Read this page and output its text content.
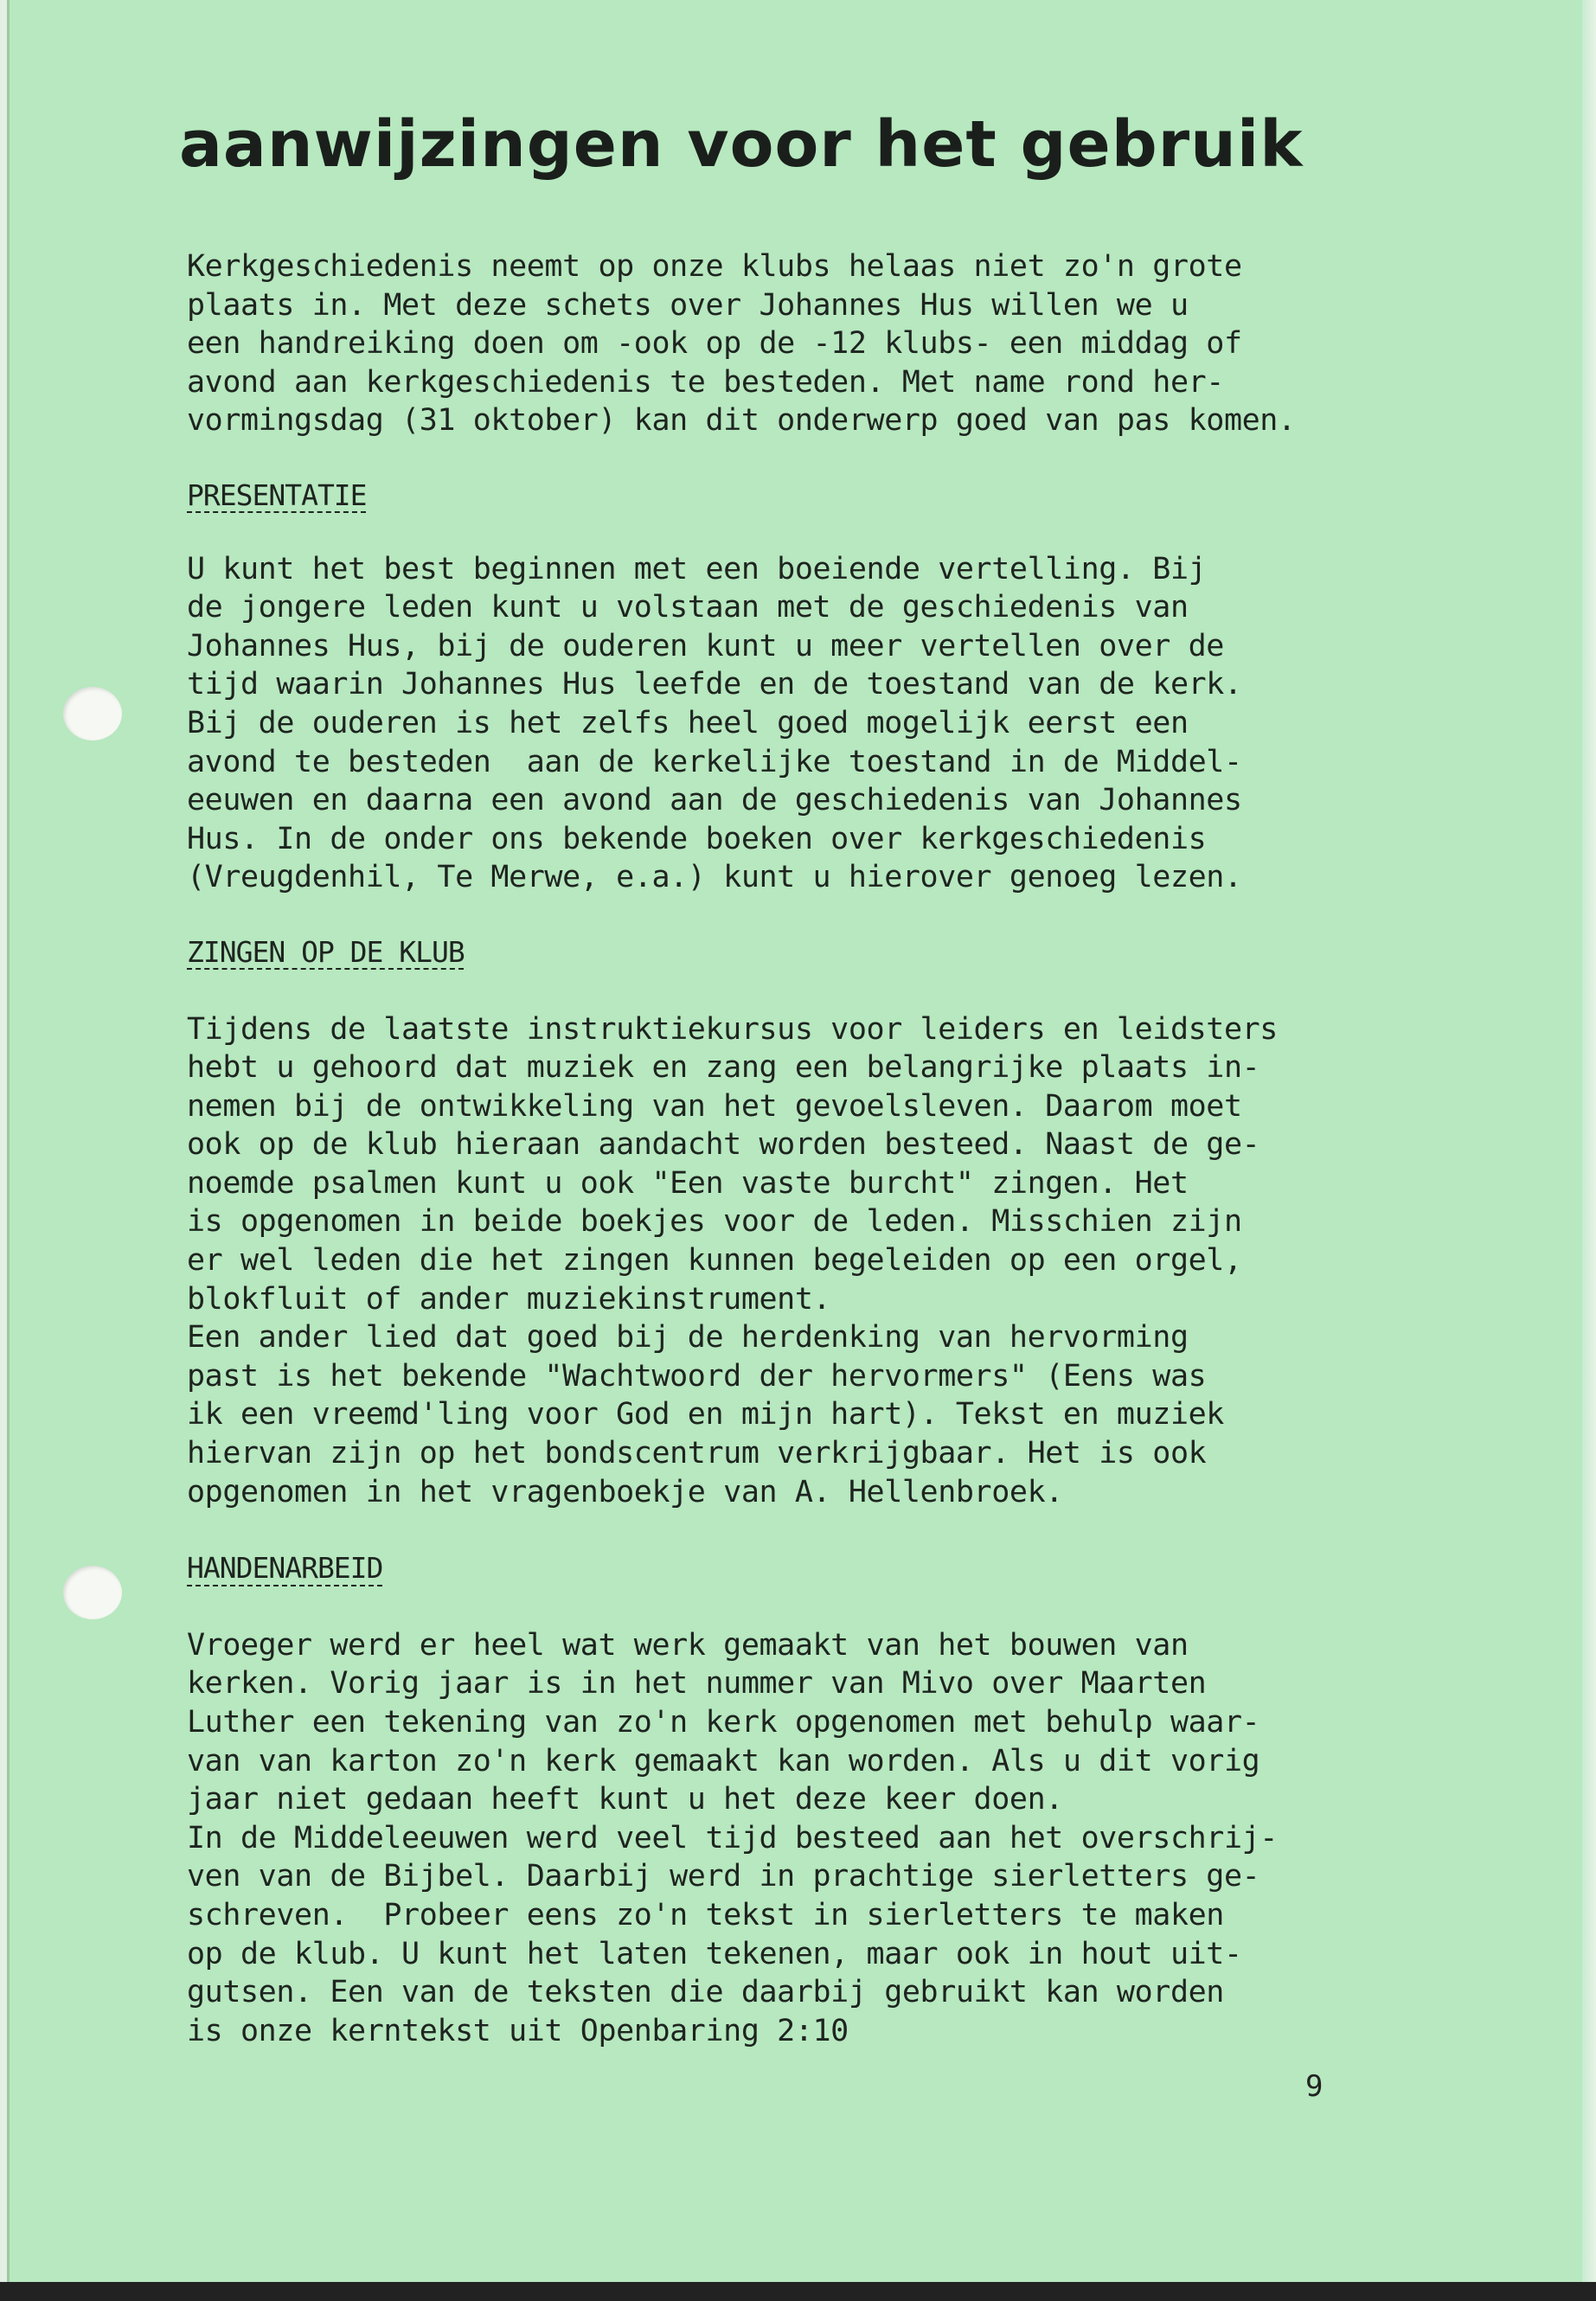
aanwijzingen voor het gebruik

Kerkgeschiedenis neemt op onze klubs helaas niet zo'n grote

plaats in. Met deze schets over Johannes Hus willen we u

een handreiking doen om -ook op de -12 klubs- een middag of

avond aan kerkgeschiedenis te besteden. Met name rond her-

vormingsdag (31 oktober) kan dit onderwerp goed van pas komen.

PRESENTATIE

U kunt het best beginnen met een boeiende vertelling. Bij

de jongere leden kunt u volstaan met de geschiedenis van

Johannes Hus, bij de ouderen kunt u meer vertellen over de

tijd waarin Johannes Hus leefde en de toestand van de kerk.

Bij de ouderen is het zelfs heel goed mogelijk eerst een

avond te besteden  aan de kerkelijke toestand in de Middel-

eeuwen en daarna een avond aan de geschiedenis van Johannes

Hus. In de onder ons bekende boeken over kerkgeschiedenis

(Vreugdenhil, Te Merwe, e.a.) kunt u hierover genoeg lezen.

ZINGEN OP DE KLUB

Tijdens de laatste instruktiekursus voor leiders en leidsters

hebt u gehoord dat muziek en zang een belangrijke plaats in-

nemen bij de ontwikkeling van het gevoelsleven. Daarom moet

ook op de klub hieraan aandacht worden besteed. Naast de ge-

noemde psalmen kunt u ook "Een vaste burcht" zingen. Het

is opgenomen in beide boekjes voor de leden. Misschien zijn

er wel leden die het zingen kunnen begeleiden op een orgel,

blokfluit of ander muziekinstrument.

Een ander lied dat goed bij de herdenking van hervorming

past is het bekende "Wachtwoord der hervormers" (Eens was

ik een vreemd'ling voor God en mijn hart). Tekst en muziek

hiervan zijn op het bondscentrum verkrijgbaar. Het is ook

opgenomen in het vragenboekje van A. Hellenbroek.

HANDENARBEID

Vroeger werd er heel wat werk gemaakt van het bouwen van

kerken. Vorig jaar is in het nummer van Mivo over Maarten

Luther een tekening van zo'n kerk opgenomen met behulp waar-

van van karton zo'n kerk gemaakt kan worden. Als u dit vorig

jaar niet gedaan heeft kunt u het deze keer doen.

In de Middeleeuwen werd veel tijd besteed aan het overschrij-

ven van de Bijbel. Daarbij werd in prachtige sierletters ge-

schreven.  Probeer eens zo'n tekst in sierletters te maken

op de klub. U kunt het laten tekenen, maar ook in hout uit-

gutsen. Een van de teksten die daarbij gebruikt kan worden

is onze kerntekst uit Openbaring 2:10

9
